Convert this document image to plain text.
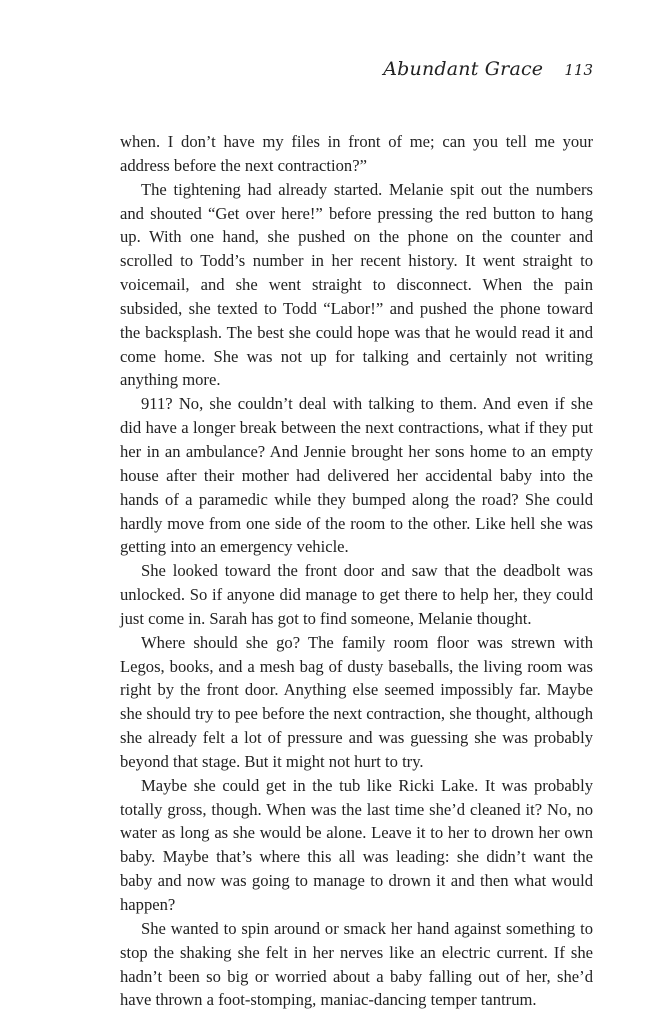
Abundant Grace 113

when. I don’t have my files in front of me; can you tell me your address before the next contraction?”

The tightening had already started. Melanie spit out the numbers and shouted “Get over here!” before pressing the red button to hang up. With one hand, she pushed on the phone on the counter and scrolled to Todd’s number in her recent history. It went straight to voicemail, and she went straight to disconnect. When the pain subsided, she texted to Todd “Labor!” and pushed the phone toward the backsplash. The best she could hope was that he would read it and come home. She was not up for talking and certainly not writing anything more.

911? No, she couldn’t deal with talking to them. And even if she did have a longer break between the next contractions, what if they put her in an ambulance? And Jennie brought her sons home to an empty house after their mother had delivered her accidental baby into the hands of a paramedic while they bumped along the road? She could hardly move from one side of the room to the other. Like hell she was getting into an emergency vehicle.

She looked toward the front door and saw that the deadbolt was unlocked. So if anyone did manage to get there to help her, they could just come in. Sarah has got to find someone, Melanie thought.

Where should she go? The family room floor was strewn with Legos, books, and a mesh bag of dusty baseballs, the living room was right by the front door. Anything else seemed impossibly far. Maybe she should try to pee before the next contraction, she thought, although she already felt a lot of pressure and was guessing she was probably beyond that stage. But it might not hurt to try.

Maybe she could get in the tub like Ricki Lake. It was probably totally gross, though. When was the last time she’d cleaned it? No, no water as long as she would be alone. Leave it to her to drown her own baby. Maybe that’s where this all was leading: she didn’t want the baby and now was going to manage to drown it and then what would happen?

She wanted to spin around or smack her hand against something to stop the shaking she felt in her nerves like an electric current. If she hadn’t been so big or worried about a baby falling out of her, she’d have thrown a foot-stomping, maniac-dancing temper tantrum.
